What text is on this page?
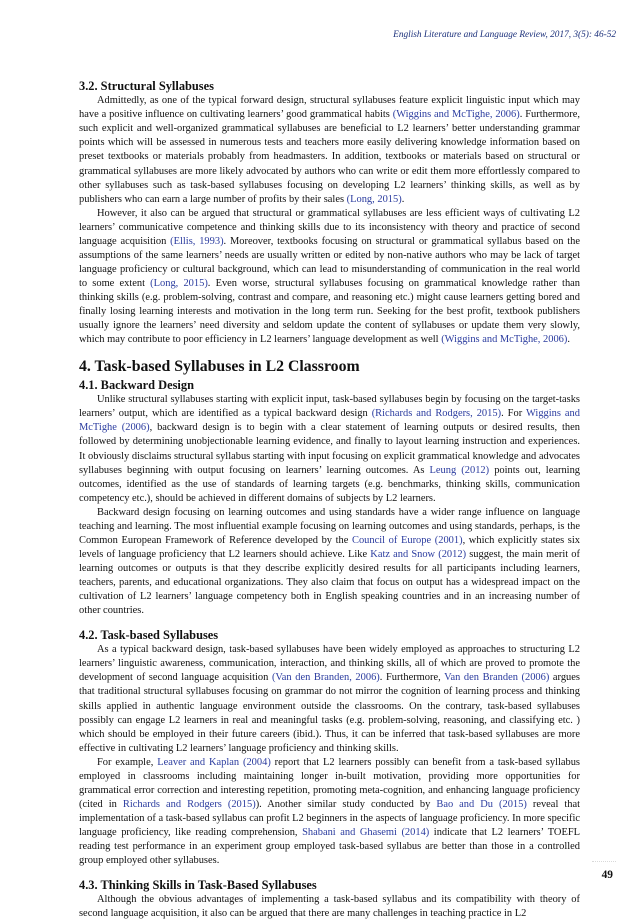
English Literature and Language Review, 2017, 3(5): 46-52
3.2. Structural Syllabuses

Admittedly, as one of the typical forward design, structural syllabuses feature explicit linguistic input which may have a positive influence on cultivating learners’ good grammatical habits (Wiggins and McTighe, 2006). Furthermore, such explicit and well-organized grammatical syllabuses are beneficial to L2 learners’ better understanding grammar points which will be assessed in numerous tests and teachers more easily delivering knowledge information based on preset textbooks or materials probably from headmasters. In addition, textbooks or materials based on structural or grammatical syllabuses are more likely advocated by authors who can write or edit them more effortlessly compared to other syllabuses such as task-based syllabuses focusing on developing L2 learners’ thinking skills, as well as by publishers who can earn a large number of profits by their sales (Long, 2015).

However, it also can be argued that structural or grammatical syllabuses are less efficient ways of cultivating L2 learners’ communicative competence and thinking skills due to its inconsistency with theory and practice of second language acquisition (Ellis, 1993). Moreover, textbooks focusing on structural or grammatical syllabus based on the assumptions of the same learners’ needs are usually written or edited by non-native authors who may be lack of target language proficiency or cultural background, which can lead to misunderstanding of communication in the real world to some extent (Long, 2015). Even worse, structural syllabuses focusing on grammatical knowledge rather than thinking skills (e.g. problem-solving, contrast and compare, and reasoning etc.) might cause learners getting bored and finally losing learning interests and motivation in the long term run. Seeking for the best profit, textbook publishers usually ignore the learners’ need diversity and seldom update the content of syllabuses or update them very slowly, which may contribute to poor efficiency in L2 learners’ language development as well (Wiggins and McTighe, 2006).

4. Task-based Syllabuses in L2 Classroom
4.1. Backward Design

Unlike structural syllabuses starting with explicit input, task-based syllabuses begin by focusing on the target-tasks learners’ output, which are identified as a typical backward design (Richards and Rodgers, 2015). For Wiggins and McTighe (2006), backward design is to begin with a clear statement of learning outputs or desired results, then followed by determining unobjectionable learning evidence, and finally to layout learning instruction and experiences. It obviously disclaims structural syllabus starting with input focusing on explicit grammatical knowledge and advocates syllabuses beginning with output focusing on learners’ learning outcomes. As Leung (2012) points out, learning outcomes, identified as the use of standards of learning targets (e.g. benchmarks, thinking skills, communication competency etc.), should be achieved in different domains of subjects by L2 learners.

Backward design focusing on learning outcomes and using standards have a wider range influence on language teaching and learning. The most influential example focusing on learning outcomes and using standards, perhaps, is the Common European Framework of Reference developed by the Council of Europe (2001), which explicitly states six levels of language proficiency that L2 learners should achieve. Like Katz and Snow (2012) suggest, the main merit of learning outcomes or outputs is that they describe explicitly desired results for all participants including learners, teachers, parents, and educational organizations. They also claim that focus on output has a widespread impact on the cultivation of L2 learners’ language competency both in English speaking countries and in an increasing number of other countries.

4.2. Task-based Syllabuses

As a typical backward design, task-based syllabuses have been widely employed as approaches to structuring L2 learners’ linguistic awareness, communication, interaction, and thinking skills, all of which are proved to promote the development of second language acquisition (Van den Branden, 2006). Furthermore, Van den Branden (2006) argues that traditional structural syllabuses focusing on grammar do not mirror the cognition of learning process and thinking skills applied in authentic language environment outside the classrooms. On the contrary, task-based syllabuses possibly can engage L2 learners in real and meaningful tasks (e.g. problem-solving, reasoning, and classifying etc. ) which should be employed in their future careers (ibid.). Thus, it can be inferred that task-based syllabuses are more effective in cultivating L2 learners’ language proficiency and thinking skills.

For example, Leaver and Kaplan (2004) report that L2 learners possibly can benefit from a task-based syllabus employed in classrooms including maintaining longer in-built motivation, providing more opportunities for grammatical error correction and interesting repetition, promoting meta-cognition, and enhancing language proficiency (cited in Richards and Rodgers (2015)). Another similar study conducted by Bao and Du (2015) reveal that implementation of a task-based syllabus can profit L2 beginners in the aspects of language proficiency. In more specific language proficiency, like reading comprehension, Shabani and Ghasemi (2014) indicate that L2 learners’ TOEFL reading test performance in an experiment group employed task-based syllabus are better than those in a controlled group employed other syllabuses.

4.3. Thinking Skills in Task-Based Syllabuses

Although the obvious advantages of implementing a task-based syllabus and its compatibility with theory of second language acquisition, it also can be argued that there are many challenges in teaching practice in L2

49
